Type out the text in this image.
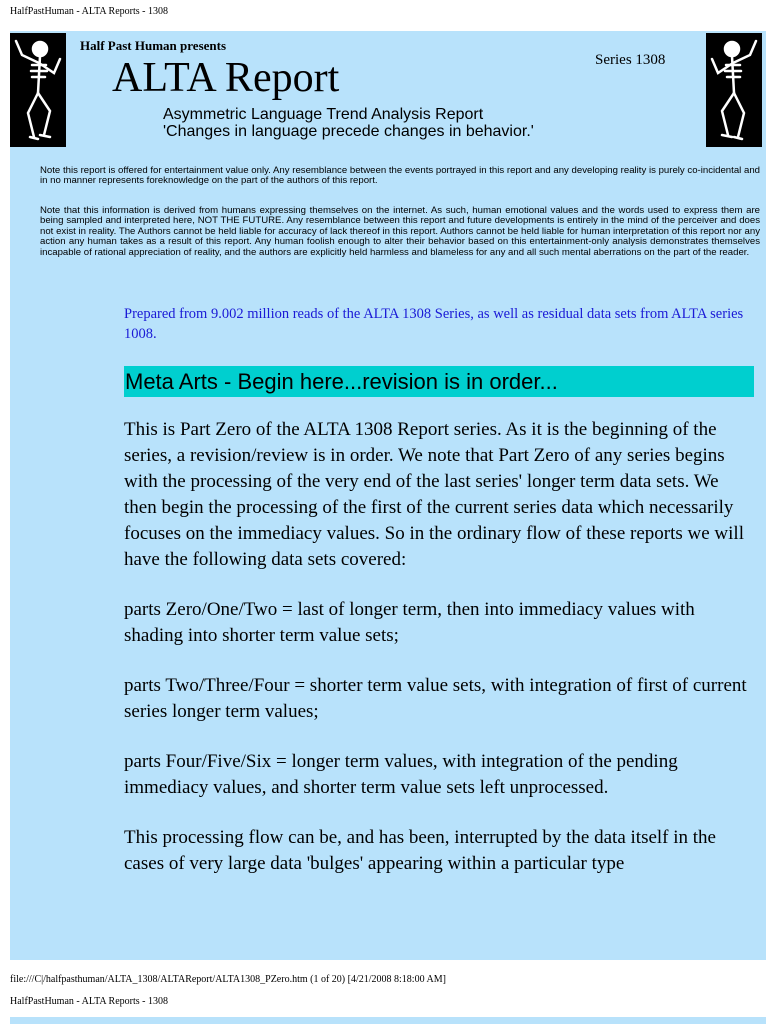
HalfPastHuman - ALTA Reports - 1308
Half Past Human presents
ALTA Report	Series 1308
Asymmetric Language Trend Analysis Report
'Changes in language precede changes in behavior.'
Note this report is offered for entertainment value only. Any resemblance between the events portrayed in this report and any developing reality is purely co-incidental and in no manner represents foreknowledge on the part of the authors of this report.
Note that this information is derived from humans expressing themselves on the internet. As such, human emotional values and the words used to express them are being sampled and interpreted here, NOT THE FUTURE. Any resemblance between this report and future developments is entirely in the mind of the perceiver and does not exist in reality. The Authors cannot be held liable for accuracy of lack thereof in this report. Authors cannot be held liable for human interpretation of this report nor any action any human takes as a result of this report. Any human foolish enough to alter their behavior based on this entertainment-only analysis demonstrates themselves incapable of rational appreciation of reality, and the authors are explicitly held harmless and blameless for any and all such mental aberrations on the part of the reader.
Prepared from 9.002 million reads of the ALTA 1308 Series, as well as residual data sets from ALTA series 1008.
Meta Arts - Begin here...revision is in order...

This is Part Zero of the ALTA 1308 Report series. As it is the beginning of the series, a revision/review is in order. We note that Part Zero of any series begins with the processing of the very end of the last series' longer term data sets. We then begin the processing of the first of the current series data which necessarily focuses on the immediacy values. So in the ordinary flow of these reports we will have the following data sets covered:

parts Zero/One/Two = last of longer term, then into immediacy values with shading into shorter term value sets;

parts Two/Three/Four = shorter term value sets, with integration of first of current series longer term values;

parts Four/Five/Six = longer term values, with integration of the pending immediacy values, and shorter term value sets left unprocessed.

This processing flow can be, and has been, interrupted by the data itself in the cases of very large data 'bulges' appearing within a particular type

file:///C|/halfpasthuman/ALTA_1308/ALTAReport/ALTA1308_PZero.htm (1 of 20) [4/21/2008 8:18:00 AM]
HalfPastHuman - ALTA Reports - 1308
